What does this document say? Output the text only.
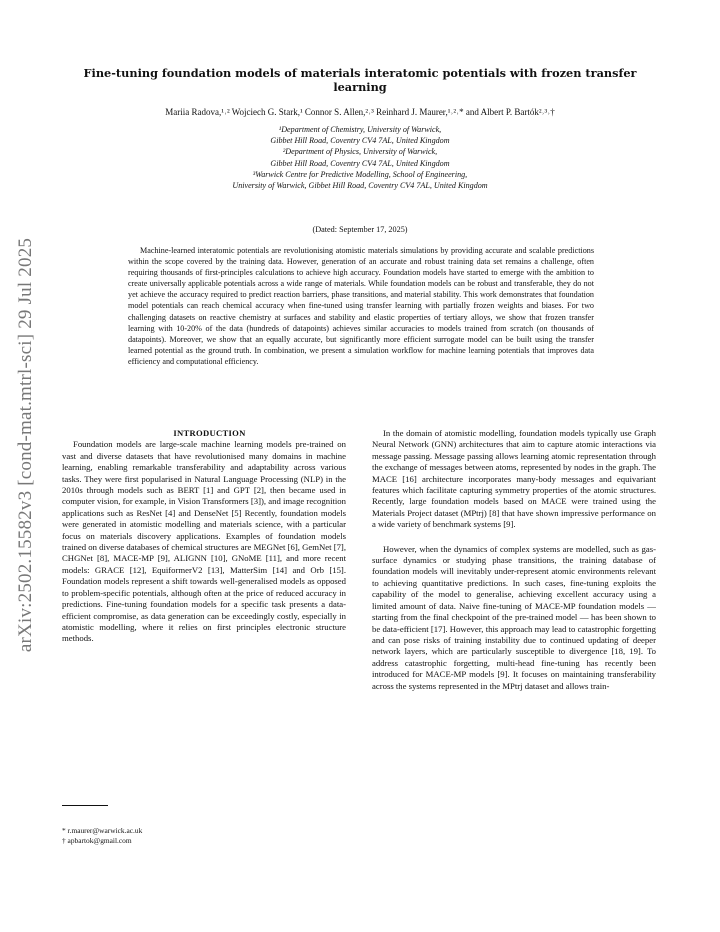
arXiv:2502.15582v3 [cond-mat.mtrl-sci] 29 Jul 2025
Fine-tuning foundation models of materials interatomic potentials with frozen transfer learning
Mariia Radova,¹˒² Wojciech G. Stark,¹ Connor S. Allen,²˒³ Reinhard J. Maurer,¹˒²˒* and Albert P. Bartók²˒³˒†
¹Department of Chemistry, University of Warwick,
Gibbet Hill Road, Coventry CV4 7AL, United Kingdom
²Department of Physics, University of Warwick,
Gibbet Hill Road, Coventry CV4 7AL, United Kingdom
³Warwick Centre for Predictive Modelling, School of Engineering,
University of Warwick, Gibbet Hill Road, Coventry CV4 7AL, United Kingdom
(Dated: September 17, 2025)
Machine-learned interatomic potentials are revolutionising atomistic materials simulations by providing accurate and scalable predictions within the scope covered by the training data. However, generation of an accurate and robust training data set remains a challenge, often requiring thousands of first-principles calculations to achieve high accuracy. Foundation models have started to emerge with the ambition to create universally applicable potentials across a wide range of materials. While foundation models can be robust and transferable, they do not yet achieve the accuracy required to predict reaction barriers, phase transitions, and material stability. This work demonstrates that foundation model potentials can reach chemical accuracy when fine-tuned using transfer learning with partially frozen weights and biases. For two challenging datasets on reactive chemistry at surfaces and stability and elastic properties of tertiary alloys, we show that frozen transfer learning with 10-20% of the data (hundreds of datapoints) achieves similar accuracies to models trained from scratch (on thousands of datapoints). Moreover, we show that an equally accurate, but significantly more efficient surrogate model can be built using the transfer learned potential as the ground truth. In combination, we present a simulation workflow for machine learning potentials that improves data efficiency and computational efficiency.

INTRODUCTION

Foundation models are large-scale machine learning models pre-trained on vast and diverse datasets that have revolutionised many domains in machine learning, enabling remarkable transferability and adaptability across various tasks. They were first popularised in Natural Language Processing (NLP) in the 2010s through models such as BERT [1] and GPT [2], then became used in computer vision, for example, in Vision Transformers [3]), and image recognition applications such as ResNet [4] and DenseNet [5] Recently, foundation models were generated in atomistic modelling and materials science, with a particular focus on materials discovery applications. Examples of foundation models trained on diverse databases of chemical structures are MEGNet [6], GemNet [7], CHGNet [8], MACE-MP [9], ALIGNN [10], GNoME [11], and more recent models: GRACE [12], EquiformerV2 [13], MatterSim [14] and Orb [15]. Foundation models represent a shift towards well-generalised models as opposed to problem-specific potentials, although often at the price of reduced accuracy in predictions. Fine-tuning foundation models for a specific task presents a data-efficient compromise, as data generation can be exceedingly costly, especially in atomistic modelling, where it relies on first principles electronic structure methods.

In the domain of atomistic modelling, foundation models typically use Graph Neural Network (GNN) architectures that aim to capture atomic interactions via message passing. Message passing allows learning atomic representation through the exchange of messages between atoms, represented by nodes in the graph. The MACE [16] architecture incorporates many-body messages and equivariant features which facilitate capturing symmetry properties of the atomic structures. Recently, large foundation models based on MACE were trained using the Materials Project dataset (MPtrj) [8] that have shown impressive performance on a wide variety of benchmark systems [9].

However, when the dynamics of complex systems are modelled, such as gas-surface dynamics or studying phase transitions, the training database of foundation models will inevitably under-represent atomic environments relevant to achieving quantitative predictions. In such cases, fine-tuning exploits the capability of the model to generalise, achieving excellent accuracy using a limited amount of data. Naive fine-tuning of MACE-MP foundation models — starting from the final checkpoint of the pre-trained model — has been shown to be data-efficient [17]. However, this approach may lead to catastrophic forgetting and can pose risks of training instability due to continued updating of deeper network layers, which are particularly susceptible to divergence [18, 19]. To address catastrophic forgetting, multi-head fine-tuning has recently been introduced for MACE-MP models [9]. It focuses on maintaining transferability across the systems represented in the MPtrj dataset and allows train-

* r.maurer@warwick.ac.uk
† apbartok@gmail.com
